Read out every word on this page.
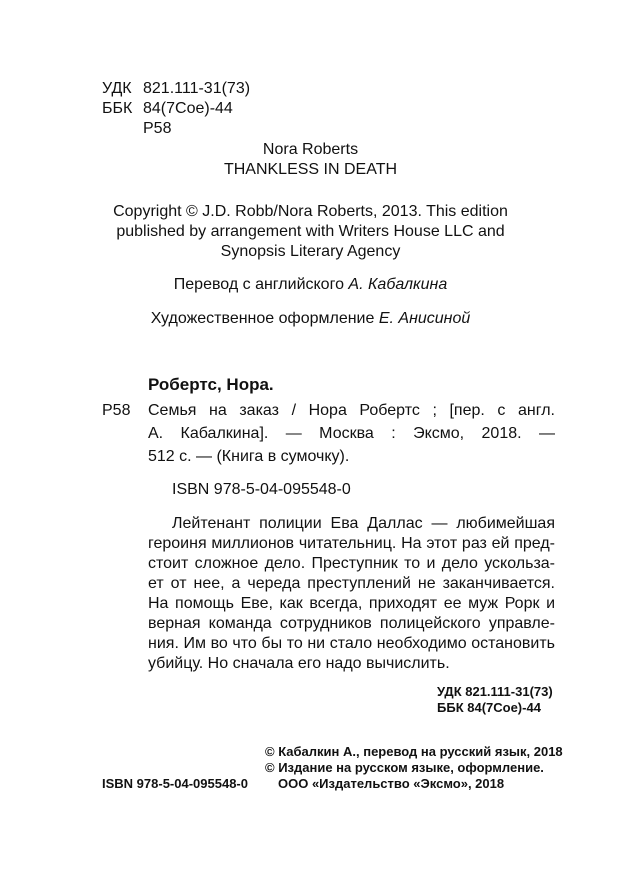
УДК 821.111-31(73)
ББК 84(7Сое)-44
Р58
Nora Roberts
THANKLESS IN DEATH
Copyright © J.D. Robb/Nora Roberts, 2013. This edition
published by arrangement with Writers House LLC and
Synopsis Literary Agency
Перевод с английского А. Кабалкина
Художественное оформление Е. Анисиной
Робертс, Нора.
Р58 Семья на заказ / Нора Робертс ; [пер. с англ.
А. Кабалкина]. — Москва : Эксмо, 2018. —
512 с. — (Книга в сумочку).
ISBN 978-5-04-095548-0
Лейтенант полиции Ева Даллас — любимейшая
героиня миллионов читательниц. На этот раз ей пред-
стоит сложное дело. Преступник то и дело ускольза-
ет от нее, а череда преступлений не заканчивается.
На помощь Еве, как всегда, приходят ее муж Рорк и
верная команда сотрудников полицейского управле-
ния. Им во что бы то ни стало необходимо остановить
убийцу. Но сначала его надо вычислить.
УДК 821.111-31(73)
ББК 84(7Сое)-44
© Кабалкин А., перевод на русский язык, 2018
© Издание на русском языке, оформление.
ISBN 978-5-04-095548-0 ООО «Издательство «Эксмо», 2018
